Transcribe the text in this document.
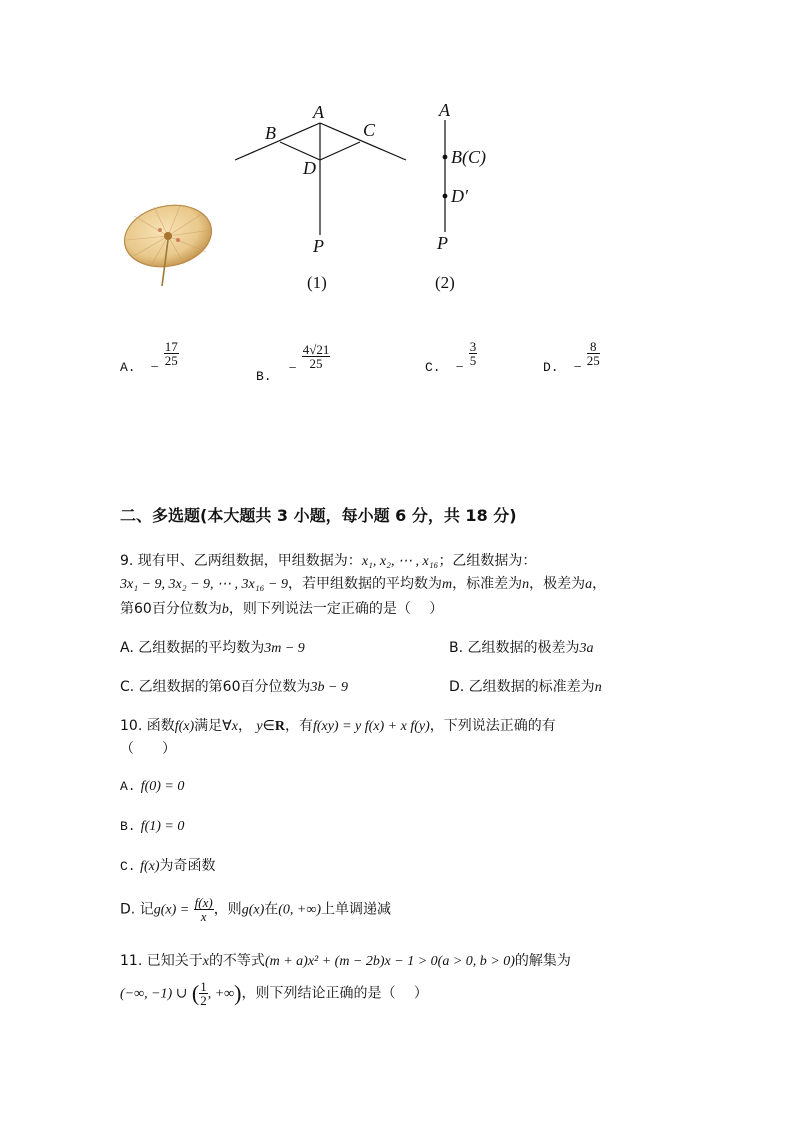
A
B	C
D
P
A
B(C)
D′
P
(1)	(2)
A. −
$\frac{17}{25}$
$_{B.} - \frac{4√21}{25}$	C. −
$\frac{3}{5}$
D. −
$\frac{8}{25}$
二、多选题(本大题共 3 小题，每小题 6 分，共 18 分)
9. 现有甲、乙两组数据，甲组数据为：x₁, x₂, ⋯ , x₁₆；乙组数据为：
3x₁ − 9, 3x₂ − 9, ⋯ , 3x₁₆ − 9，若甲组数据的平均数为m，标准差为n，极差为a，
第60百分位数为b，则下列说法一定正确的是（　 ）
A. 乙组数据的平均数为3m − 9	B. 乙组数据的极差为3a
C. 乙组数据的第60百分位数为3b − 9	D. 乙组数据的标准差为n
10. 函数f(x)满足∀x， y∈R，有f(xy) = y f(x) + x f(y)，下列说法正确的有
（　　）
A. f(0) = 0
B. f(1) = 0
C. f(x)为奇函数
D. 记$g(x) = \frac{f(x)}{x}$ ，则g(x)在(0, +∞)上单调递减
11. 已知关于x的不等式(m + a)x² + (m − 2b)x − 1 > 0(a > 0, b > 0)的解集为
(−∞, −1) ∪ ( $\frac{1}{2}$ , +∞)，则下列结论正确的是（　 ）
